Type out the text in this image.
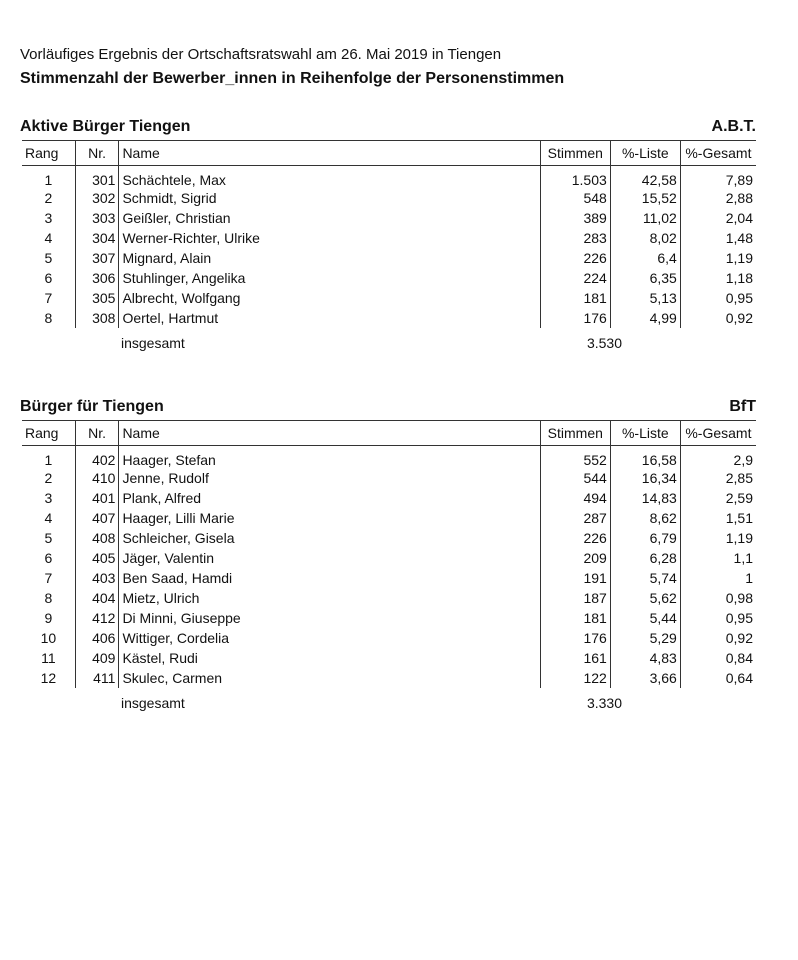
Vorläufiges Ergebnis der Ortschaftsratswahl am 26. Mai 2019 in Tiengen
Stimmenzahl der Bewerber_innen in Reihenfolge der Personenstimmen
Aktive Bürger Tiengen	A.B.T.
Rang	Nr.	Name	Stimmen	%-Liste	%-Gesamt
1	301	Schächtele, Max	1.503	42,58	7,89
2	302	Schmidt, Sigrid	548	15,52	2,88
3	303	Geißler, Christian	389	11,02	2,04
4	304	Werner-Richter, Ulrike	283	8,02	1,48
5	307	Mignard, Alain	226	6,4	1,19
6	306	Stuhlinger, Angelika	224	6,35	1,18
7	305	Albrecht, Wolfgang	181	5,13	0,95
8	308	Oertel, Hartmut	176	4,99	0,92
insgesamt	3.530
Bürger für Tiengen	BfT
Rang	Nr.	Name	Stimmen	%-Liste	%-Gesamt
1	402	Haager, Stefan	552	16,58	2,9
2	410	Jenne, Rudolf	544	16,34	2,85
3	401	Plank, Alfred	494	14,83	2,59
4	407	Haager, Lilli Marie	287	8,62	1,51
5	408	Schleicher, Gisela	226	6,79	1,19
6	405	Jäger, Valentin	209	6,28	1,1
7	403	Ben Saad, Hamdi	191	5,74	1
8	404	Mietz, Ulrich	187	5,62	0,98
9	412	Di Minni, Giuseppe	181	5,44	0,95
10	406	Wittiger, Cordelia	176	5,29	0,92
11	409	Kästel, Rudi	161	4,83	0,84
12	411	Skulec, Carmen	122	3,66	0,64
insgesamt	3.330
